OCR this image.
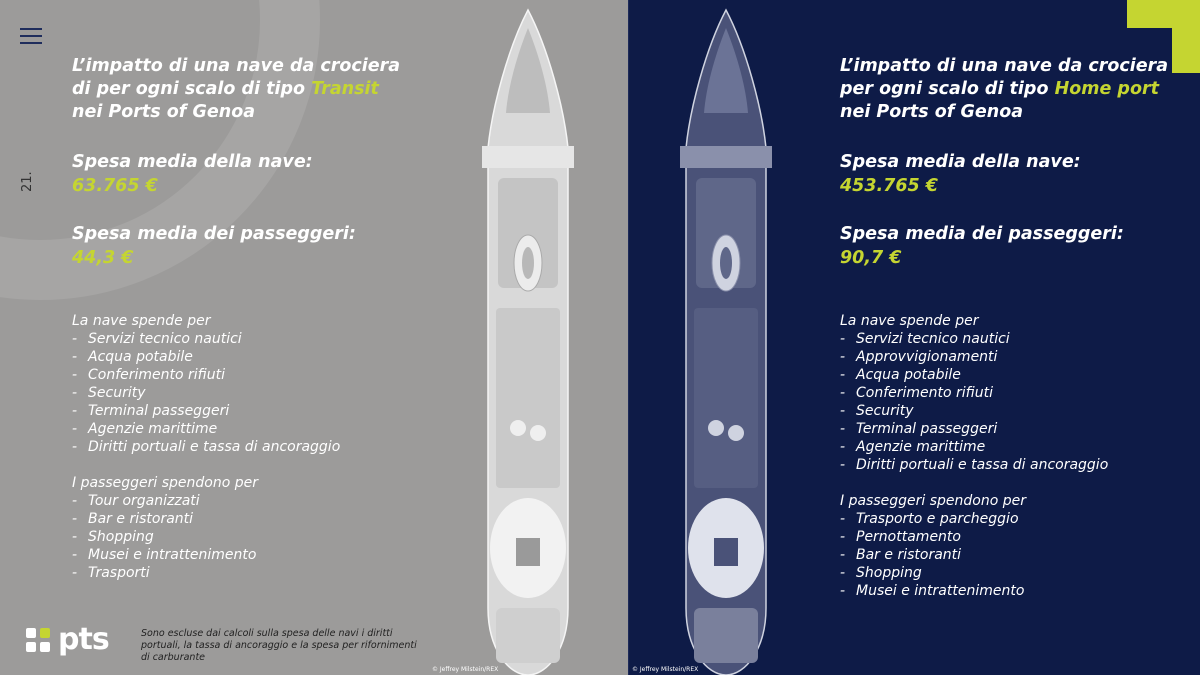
21.
L’impatto di una nave da crociera di per ogni scalo di tipo Transit nei Ports of Genoa
Spesa media della nave:
63.765 €
Spesa media dei passeggeri:
44,3 €
La nave spende per
- Servizi tecnico nautici
- Acqua potabile
- Conferimento rifiuti
- Security
- Terminal passeggeri
- Agenzie marittime
- Diritti portuali e tassa di ancoraggio
I passeggeri spendono per
- Tour organizzati
- Bar e ristoranti
- Shopping
- Musei e intrattenimento
- Trasporti
pts	Sono escluse dai calcoli sulla spesa delle navi i diritti portuali, la tassa di ancoraggio e la spesa per rifornimenti di carburante
© Jeffrey Milstein/REX	© Jeffrey Milstein/REX
L’impatto di una nave da crociera per ogni scalo di tipo Home port nei Ports of Genoa
Spesa media della nave:
453.765 €
Spesa media dei passeggeri:
90,7 €
La nave spende per
- Servizi tecnico nautici
- Approvvigionamenti
- Acqua potabile
- Conferimento rifiuti
- Security
- Terminal passeggeri
- Agenzie marittime
- Diritti portuali e tassa di ancoraggio
I passeggeri spendono per
- Trasporto e parcheggio
- Pernottamento
- Bar e ristoranti
- Shopping
- Musei e intrattenimento
